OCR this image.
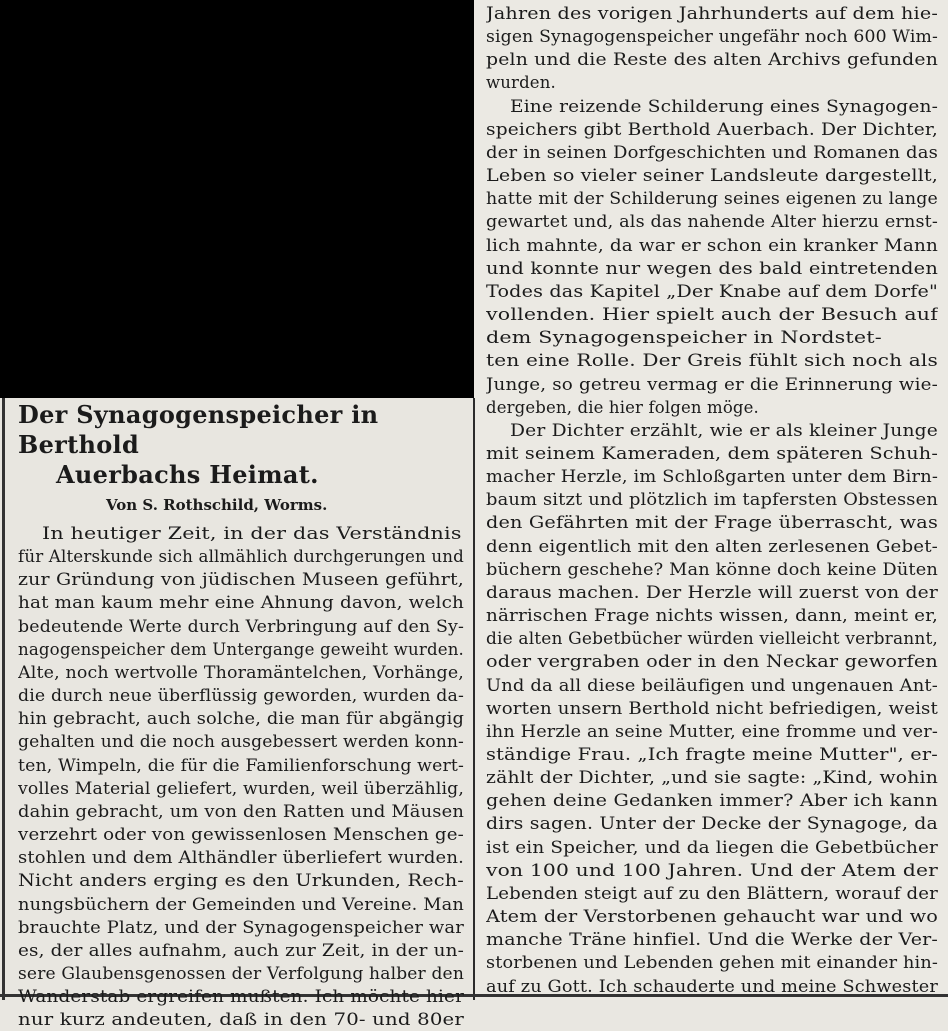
Der Synagogenspeicher in Berthold
Auerbachs Heimat.
Von S. Rothschild, Worms.
In heutiger Zeit, in der das Verständnis
für Alterskunde sich allmählich durchgerungen und
zur Gründung von jüdischen Museen geführt,
hat man kaum mehr eine Ahnung davon, welch
bedeutende Werte durch Verbringung auf den Sy-
nagogenspeicher dem Untergange geweiht wurden.
Alte, noch wertvolle Thoramäntelchen, Vorhänge,
die durch neue überflüssig geworden, wurden da-
hin gebracht, auch solche, die man für abgängig
gehalten und die noch ausgebessert werden konn-
ten, Wimpeln, die für die Familienforschung wert-
volles Material geliefert, wurden, weil überzählig,
dahin gebracht, um von den Ratten und Mäusen
verzehrt oder von gewissenlosen Menschen ge-
stohlen und dem Althändler überliefert wurden.
Nicht anders erging es den Urkunden, Rech-
nungsbüchern der Gemeinden und Vereine. Man
brauchte Platz, und der Synagogenspeicher war
es, der alles aufnahm, auch zur Zeit, in der un-
sere Glaubensgenossen der Verfolgung halber den
Wanderstab ergreifen mußten. Ich möchte hier
nur kurz andeuten, daß in den 70- und 80er
Jahren des vorigen Jahrhunderts auf dem hie-
sigen Synagogenspeicher ungefähr noch 600 Wim-
peln und die Reste des alten Archivs gefunden
wurden.
Eine reizende Schilderung eines Synagogen-
speichers gibt Berthold Auerbach. Der Dichter,
der in seinen Dorfgeschichten und Romanen das
Leben so vieler seiner Landsleute dargestellt,
hatte mit der Schilderung seines eigenen zu lange
gewartet und, als das nahende Alter hierzu ernst-
lich mahnte, da war er schon ein kranker Mann
und konnte nur wegen des bald eintretenden
Todes das Kapitel „Der Knabe auf dem Dorfe"
vollenden. Hier spielt auch der Besuch auf
dem Synagogenspeicher in Nordstet-
ten eine Rolle. Der Greis fühlt sich noch als
Junge, so getreu vermag er die Erinnerung wie-
dergeben, die hier folgen möge.
Der Dichter erzählt, wie er als kleiner Junge
mit seinem Kameraden, dem späteren Schuh-
macher Herzle, im Schloßgarten unter dem Birn-
baum sitzt und plötzlich im tapfersten Obstessen
den Gefährten mit der Frage überrascht, was
denn eigentlich mit den alten zerlesenen Gebet-
büchern geschehe? Man könne doch keine Düten
daraus machen. Der Herzle will zuerst von der
närrischen Frage nichts wissen, dann, meint er,
die alten Gebetbücher würden vielleicht verbrannt,
oder vergraben oder in den Neckar geworfen
Und da all diese beiläufigen und ungenauen Ant-
worten unsern Berthold nicht befriedigen, weist
ihn Herzle an seine Mutter, eine fromme und ver-
ständige Frau. „Ich fragte meine Mutter", er-
zählt der Dichter, „und sie sagte: „Kind, wohin
gehen deine Gedanken immer? Aber ich kann
dirs sagen. Unter der Decke der Synagoge, da
ist ein Speicher, und da liegen die Gebetbücher
von 100 und 100 Jahren. Und der Atem der
Lebenden steigt auf zu den Blättern, worauf der
Atem der Verstorbenen gehaucht war und wo
manche Träne hinfiel. Und die Werke der Ver-
storbenen und Lebenden gehen mit einander hin-
auf zu Gott. Ich schauderte und meine Schwester
